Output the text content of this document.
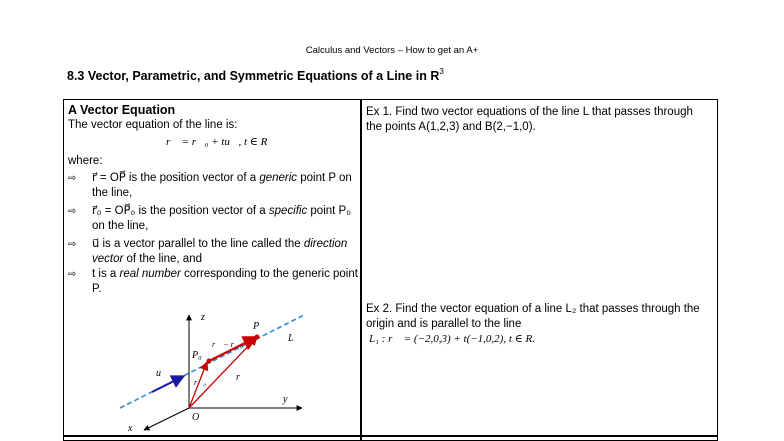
Calculus and Vectors – How to get an A+
8.3 Vector, Parametric, and Symmetric Equations of a Line in $R^3$
A Vector Equation
The vector equation of the line is:
r⃗ = r⃗₀ + tu⃗, t ∈ R
where:
⇨ r⃗ = OP⃗ is the position vector of a generic point P on the line,
⇨ r⃗₀ = OP⃗₀ is the position vector of a specific point P₀ on the line,
⇨ u⃗ is a vector parallel to the line called the direction vector of the line, and
⇨ t is a real number corresponding to the generic point P.
z
y
x
O
P
P₀
L
u⃗	r⃗
r⃗₀
r⃗ − r⃗₀
Ex 1. Find two vector equations of the line L that passes through the points A(1,2,3) and B(2,−1,0).
Ex 2. Find the vector equation of a line L₂ that passes through the origin and is parallel to the line
L₁ : r⃗ = (−2,0,3) + t(−1,0,2), t ∈ R.
